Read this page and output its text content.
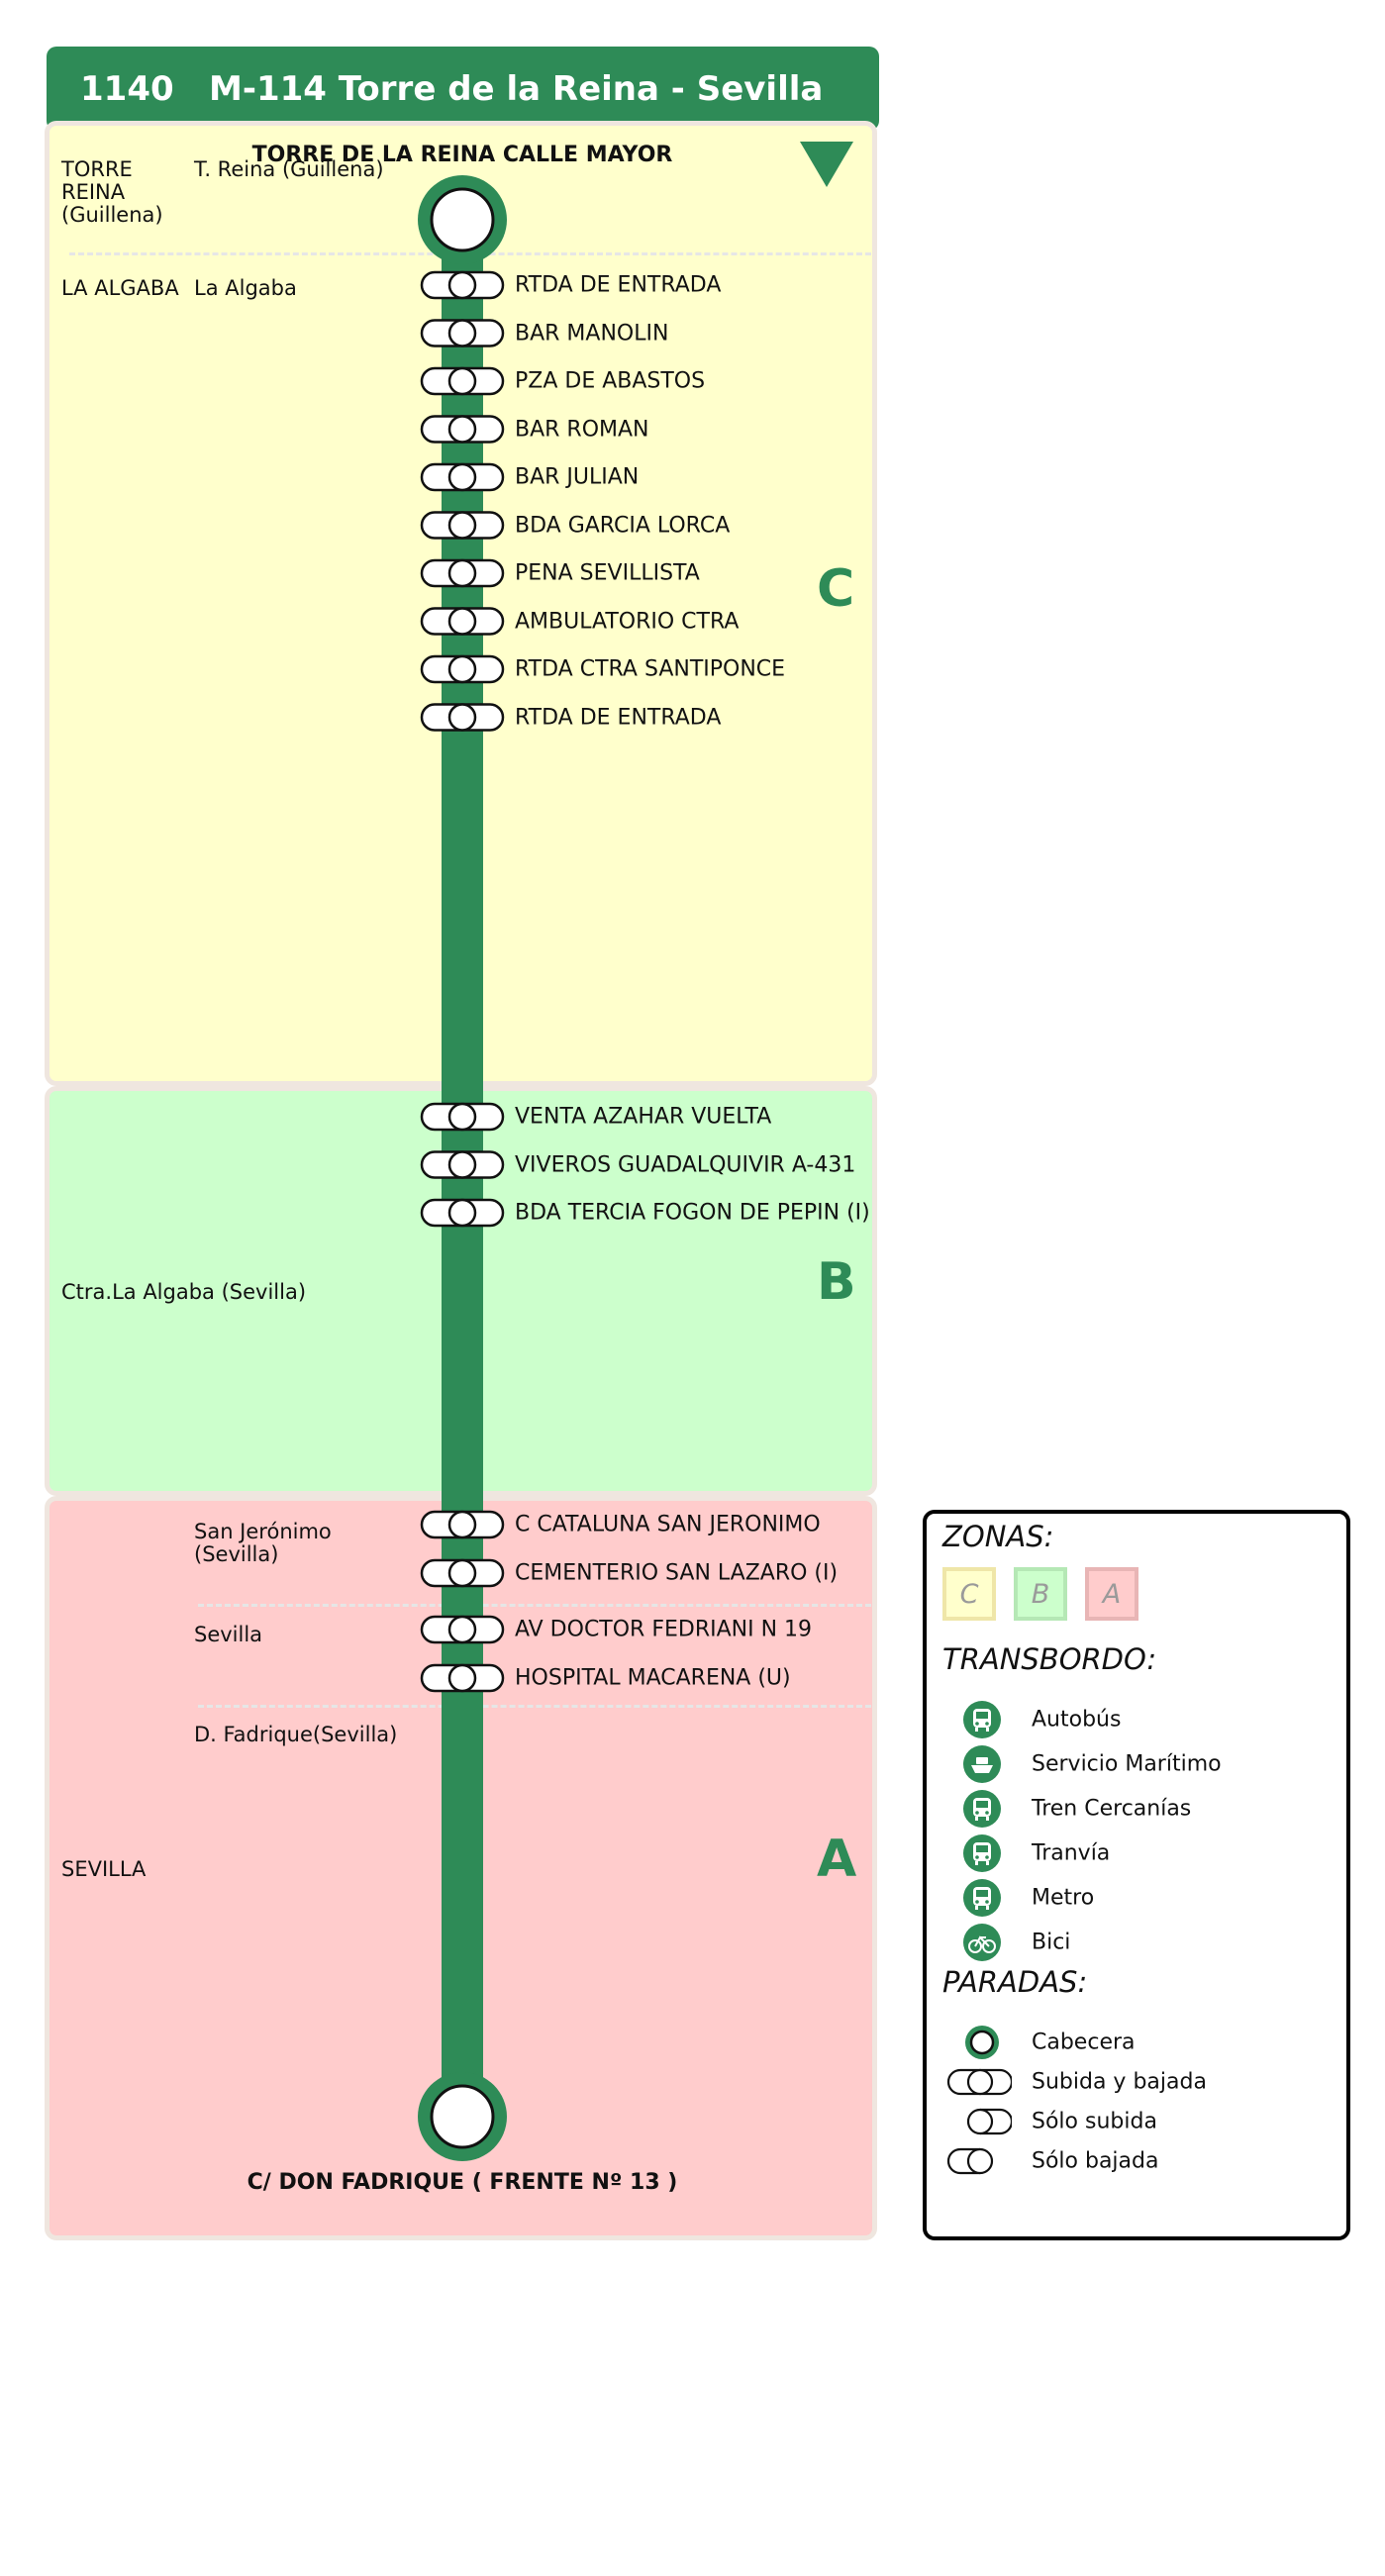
1140	M-114 Torre de la Reina - Sevilla
C
B
A
TORRE
REINA
(Guillena)
LA ALGABA
Ctra.La Algaba (Sevilla)
SEVILLA
T. Reina (Guillena)
La Algaba
San Jerónimo
(Sevilla)
Sevilla
D. Fadrique(Sevilla)
TORRE DE LA REINA CALLE MAYOR
C/ DON FADRIQUE ( FRENTE Nº 13 )
RTDA DE ENTRADA
BAR MANOLIN
PZA DE ABASTOS
BAR ROMAN
BAR JULIAN
BDA GARCIA LORCA
PENA SEVILLISTA
AMBULATORIO CTRA
RTDA CTRA SANTIPONCE
RTDA DE ENTRADA
VENTA AZAHAR VUELTA
VIVEROS GUADALQUIVIR A-431
BDA TERCIA FOGON DE PEPIN (I)
C CATALUNA SAN JERONIMO
CEMENTERIO SAN LAZARO (I)
AV DOCTOR FEDRIANI N 19
HOSPITAL MACARENA (U)
ZONAS:
C	B	A
TRANSBORDO:
Autobús
Servicio Marítimo
Tren Cercanías
Tranvía
Metro
Bici
PARADAS:
Cabecera
Subida y bajada
Sólo subida
Sólo bajada
